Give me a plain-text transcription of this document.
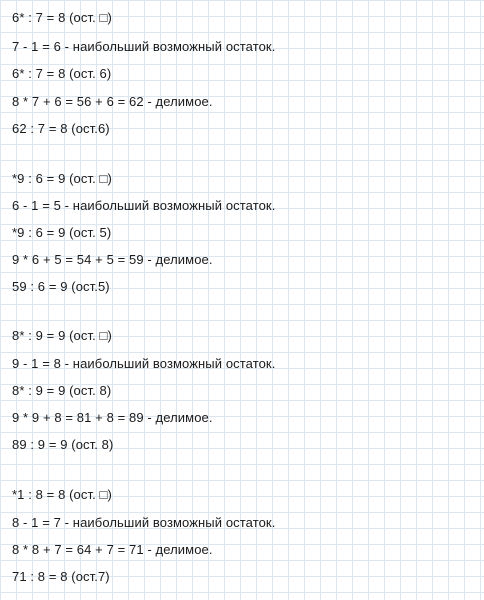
6* : 7 = 8 (ост. □)
7 - 1 = 6 - наибольший возможный остаток.
6* : 7 = 8 (ост. 6)
8 * 7 + 6 = 56 + 6 = 62 - делимое.
62 : 7 = 8 (ост.6)
*9 : 6 = 9 (ост. □)
6 - 1 = 5 - наибольший возможный остаток.
*9 : 6 = 9 (ост. 5)
9 * 6 + 5 = 54 + 5 = 59 - делимое.
59 : 6 = 9 (ост.5)
8* : 9 = 9 (ост. □)
9 - 1 = 8 - наибольший возможный остаток.
8* : 9 = 9 (ост. 8)
9 * 9 + 8 = 81 + 8 = 89 - делимое.
89 : 9 = 9 (ост. 8)
*1 : 8 = 8 (ост. □)
8 - 1 = 7 - наибольший возможный остаток.
8 * 8 + 7 = 64 + 7 = 71 - делимое.
71 : 8 = 8 (ост.7)
